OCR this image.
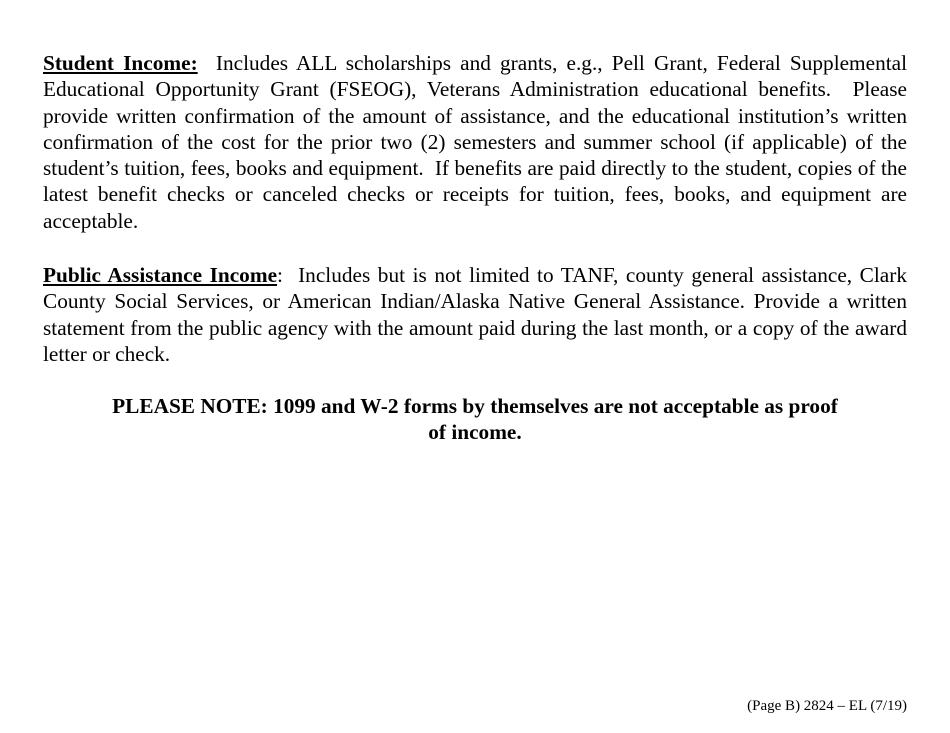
Student Income:  Includes ALL scholarships and grants, e.g., Pell Grant, Federal Supplemental Educational Opportunity Grant (FSEOG), Veterans Administration educational benefits.  Please provide written confirmation of the amount of assistance, and the educational institution’s written confirmation of the cost for the prior two (2) semesters and summer school (if applicable) of the student’s tuition, fees, books and equipment.  If benefits are paid directly to the student, copies of the latest benefit checks or canceled checks or receipts for tuition, fees, books, and equipment are acceptable.

Public Assistance Income:  Includes but is not limited to TANF, county general assistance, Clark County Social Services, or American Indian/Alaska Native General Assistance. Provide a written statement from the public agency with the amount paid during the last month, or a copy of the award letter or check.

PLEASE NOTE: 1099 and W-2 forms by themselves are not acceptable as proof
of income.

(Page B) 2824 – EL (7/19)
